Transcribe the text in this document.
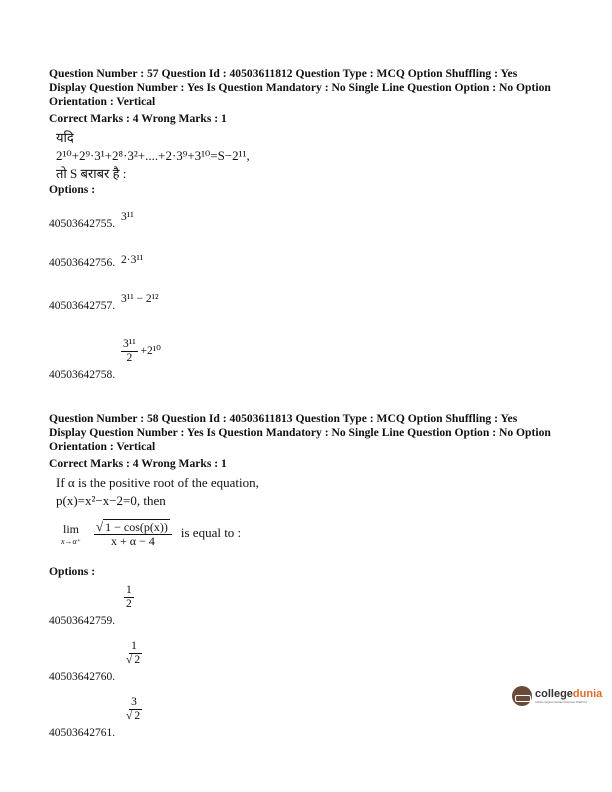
Question Number : 57 Question Id : 40503611812 Question Type : MCQ Option Shuffling : Yes
Display Question Number : Yes Is Question Mandatory : No Single Line Question Option : No Option
Orientation : Vertical
Correct Marks : 4 Wrong Marks : 1
यदि
2¹⁰+2⁹·3¹+2⁸·3²+....+2·3⁹+3¹⁰=S−2¹¹,
तो S बराबर है :
Options :
40503642755. 3¹¹
40503642756. 2·3¹¹
40503642757. 3¹¹ − 2¹²
40503642758.
$\frac{\text{3¹¹}}{2} +2^{10}$
Question Number : 58 Question Id : 40503611813 Question Type : MCQ Option Shuffling : Yes
Display Question Number : Yes Is Question Mandatory : No Single Line Question Option : No Option
Orientation : Vertical
Correct Marks : 4 Wrong Marks : 1
If α is the positive root of the equation,
p(x)=x²−x−2=0, then
lim
x→α⁺
$\frac{√ 1 - \cos(p(x))}{x + \alpha - 4}$ is equal to :
Options :
40503642759.
$\frac{1}{2}$
40503642760.
$\frac{1}{√ 2}$
40503642761.
$\frac{3}{√ 2}$
collegedunia
India's largest Student Review Platform
